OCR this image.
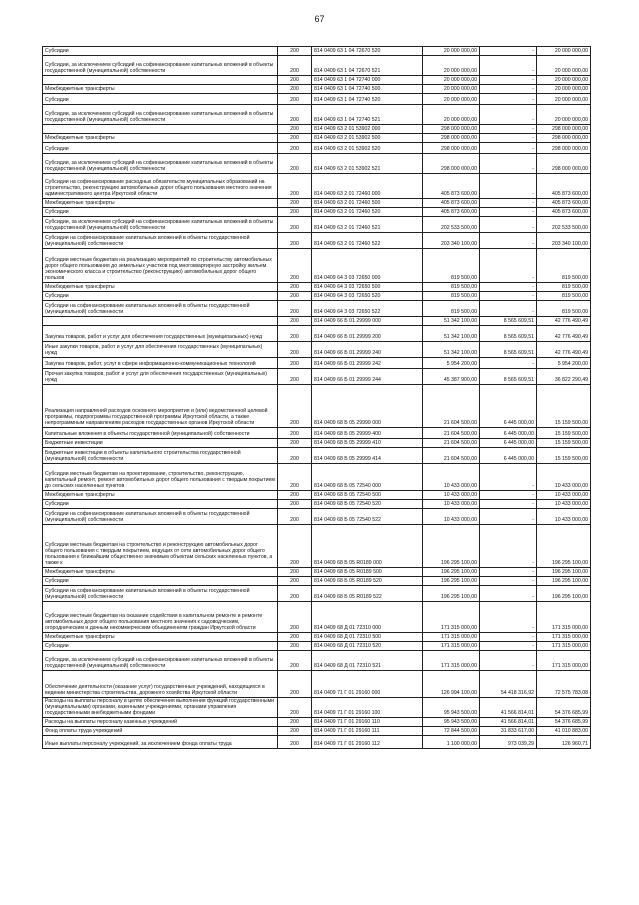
67
Субсидии	200	814 0409 63 1 04 72670 520	20 000 000,00	-	20 000 000,00
Субсидии, за исключением субсидий на софинансирование капитальных вложений в объекты государственной (муниципальной) собственности	200	814 0409 63 1 04 72670 521	20 000 000,00	-	20 000 000,00
	200	814 0409 63 1 04 72740 000	20 000 000,00	-	20 000 000,00
Межбюджетные трансферты	200	814 0409 63 1 04 72740 500	20 000 000,00	-	20 000 000,00
Субсидии	200	814 0409 63 1 04 72740 520	20 000 000,00	-	20 000 000,00
Субсидии, за исключением субсидий на софинансирование капитальных вложений в объекты государственной (муниципальной) собственности	200	814 0409 63 1 04 72740 521	20 000 000,00	-	20 000 000,00
	200	814 0409 63 2 01 53902 000	298 000 000,00	-	298 000 000,00
Межбюджетные трансферты	200	814 0409 63 2 01 53902 500	298 000 000,00	-	298 000 000,00
Субсидии	200	814 0409 63 2 01 53902 520	298 000 000,00	-	298 000 000,00
Субсидии, за исключением субсидий на софинансирование капитальных вложений в объекты государственной (муниципальной) собственности	200	814 0409 63 2 01 53902 521	298 000 000,00	-	298 000 000,00
Субсидии на софинансирование расходных обязательств муниципальных образований на строительство, реконструкцию автомобильных дорог общего пользования местного значения административного центра Иркутской области	200	814 0409 63 2 01 72460 000	405 873 600,00	-	405 873 600,00
Межбюджетные трансферты	200	814 0409 63 2 01 72460 500	405 873 600,00	-	405 873 600,00
Субсидии	200	814 0409 63 2 01 72460 520	405 873 600,00	-	405 873 600,00
Субсидии, за исключением субсидий на софинансирование капитальных вложений в объекты государственной (муниципальной) собственности	200	814 0409 63 2 01 72460 521	202 533 500,00	-	202 533 500,00
Субсидии на софинансирование капитальных вложений в объекты государственной (муниципальной) собственности	200	814 0409 63 2 01 72460 522	203 340 100,00	-	203 340 100,00
Субсидии местным бюджетам на реализацию мероприятий по строительству автомобильных дорог общего пользования до земельных участков под многоквартирную застройку жильем экономического класса и строительство (реконструкцию) автомобильных дорог общего пользов	200	814 0409 64 3 03 72650 000	819 500,00	-	819 500,00
Межбюджетные трансферты	200	814 0409 64 3 03 72650 500	819 500,00	-	819 500,00
Субсидии	200	814 0409 64 3 03 72650 520	819 500,00	-	819 500,00
Субсидии на софинансирование капитальных вложений в объекты государственной (муниципальной) собственности	200	814 0409 64 3 03 72650 522	819 500,00	-	819 500,00
	200	814 0409 66 Б 01 29999 000	51 342 100,00	8 565 609,51	42 776 490,49
Закупка товаров, работ и услуг для обеспечения государственных (муниципальных) нужд	200	814 0409 66 Б 01 29999 200	51 342 100,00	8 565 609,51	42 776 490,49
Иные закупки товаров, работ и услуг для обеспечения государственных (муниципальных) нужд	200	814 0409 66 Б 01 29999 240	51 342 100,00	8 565 609,51	42 776 490,49
Закупка товаров, работ, услуг в сфере информационно-коммуникационных технологий	200	814 0409 66 Б 01 29999 242	5 954 200,00	-	5 954 200,00
Прочая закупка товаров, работ и услуг для обеспечения государственных (муниципальных) нужд	200	814 0409 66 Б 01 29999 244	45 387 900,00	8 565 609,51	36 822 290,49
Реализация направлений расходов основного мероприятия и (или) ведомственной целевой программы, подпрограммы государственной программы Иркутской области, а также непрограммным направлениям расходов государственных органов Иркутской области	200	814 0409 68 Б 05 29999 000	21 604 500,00	6 445 000,00	15 159 500,00
Капитальные вложения в объекты государственной (муниципальной) собственности	200	814 0409 68 Б 05 29999 400	21 604 500,00	6 445 000,00	15 159 500,00
Бюджетные инвестиции	200	814 0409 68 Б 05 29999 410	21 604 500,00	6 445 000,00	15 159 500,00
Бюджетные инвестиции в объекты капитального строительства государственной (муниципальной) собственности	200	814 0409 68 Б 05 29999 414	21 604 500,00	6 445 000,00	15 159 500,00
Субсидии местным бюджетам на проектирование, строительство, реконструкцию, капитальный ремонт, ремонт автомобильных дорог общего пользования с твердым покрытием до сельских населенных пунктов	200	814 0409 68 Б 05 72540 000	10 433 000,00	-	10 433 000,00
Межбюджетные трансферты	200	814 0409 68 Б 05 72540 500	10 433 000,00	-	10 433 000,00
Субсидии	200	814 0409 68 Б 05 72540 520	10 433 000,00	-	10 433 000,00
Субсидии на софинансирование капитальных вложений в объекты государственной (муниципальной) собственности	200	814 0409 68 Б 05 72540 522	10 433 000,00	-	10 433 000,00
Субсидии местным бюджетам на строительство и реконструкцию автомобильных дорог общего пользования с твердым покрытием, ведущих от сети автомобильных дорог общего пользования к ближайшим общественно значимым объектам сельских населенных пунктов, а также к	200	814 0409 68 Б 05 R0189 000	196 295 100,00	-	196 295 100,00
Межбюджетные трансферты	200	814 0409 68 Б 05 R0189 500	196 295 100,00	-	196 295 100,00
Субсидии	200	814 0409 68 Б 05 R0189 520	196 295 100,00	-	196 295 100,00
Субсидии на софинансирование капитальных вложений в объекты государственной (муниципальной) собственности	200	814 0409 68 Б 05 R0189 522	196 295 100,00	-	196 295 100,00
Субсидии местным бюджетам на оказание содействия в капитальном ремонте и ремонте автомобильных дорог общего пользования местного значения к садоводческим, огородническим и дачным некоммерческим объединениям граждан Иркутской области	200	814 0409 68 Д 01 72310 000	171 315 000,00	-	171 315 000,00
Межбюджетные трансферты	200	814 0409 68 Д 01 72310 500	171 315 000,00	-	171 315 000,00
Субсидии	200	814 0409 68 Д 01 72310 520	171 315 000,00	-	171 315 000,00
Субсидии, за исключением субсидий на софинансирование капитальных вложений в объекты государственной (муниципальной) собственности	200	814 0409 68 Д 01 72310 521	171 315 000,00	-	171 315 000,00
Обеспечение деятельности (оказание услуг) государственных учреждений, находящихся в ведении министерства строительства, дорожного хозяйства Иркутской области	200	814 0409 71 Г 01 29160 000	126 994 100,00	54 418 316,92	72 575 783,08
Расходы на выплаты персоналу в целях обеспечения выполнения функций государственными (муниципальными) органами, казенными учреждениями, органами управления государственными внебюджетными фондами	200	814 0409 71 Г 01 29160 100	95 943 500,00	41 566 814,01	54 376 685,99
Расходы на выплаты персоналу казенных учреждений	200	814 0409 71 Г 01 29160 110	95 943 500,00	41 566 814,01	54 376 685,99
Фонд оплаты труда учреждений	200	814 0409 71 Г 01 29160 111	72 844 500,00	31 833 617,00	41 010 883,00
Иные выплаты персоналу учреждений, за исключением фонда оплаты труда	200	814 0409 71 Г 01 29160 112	1 100 000,00	973 039,29	126 960,71
